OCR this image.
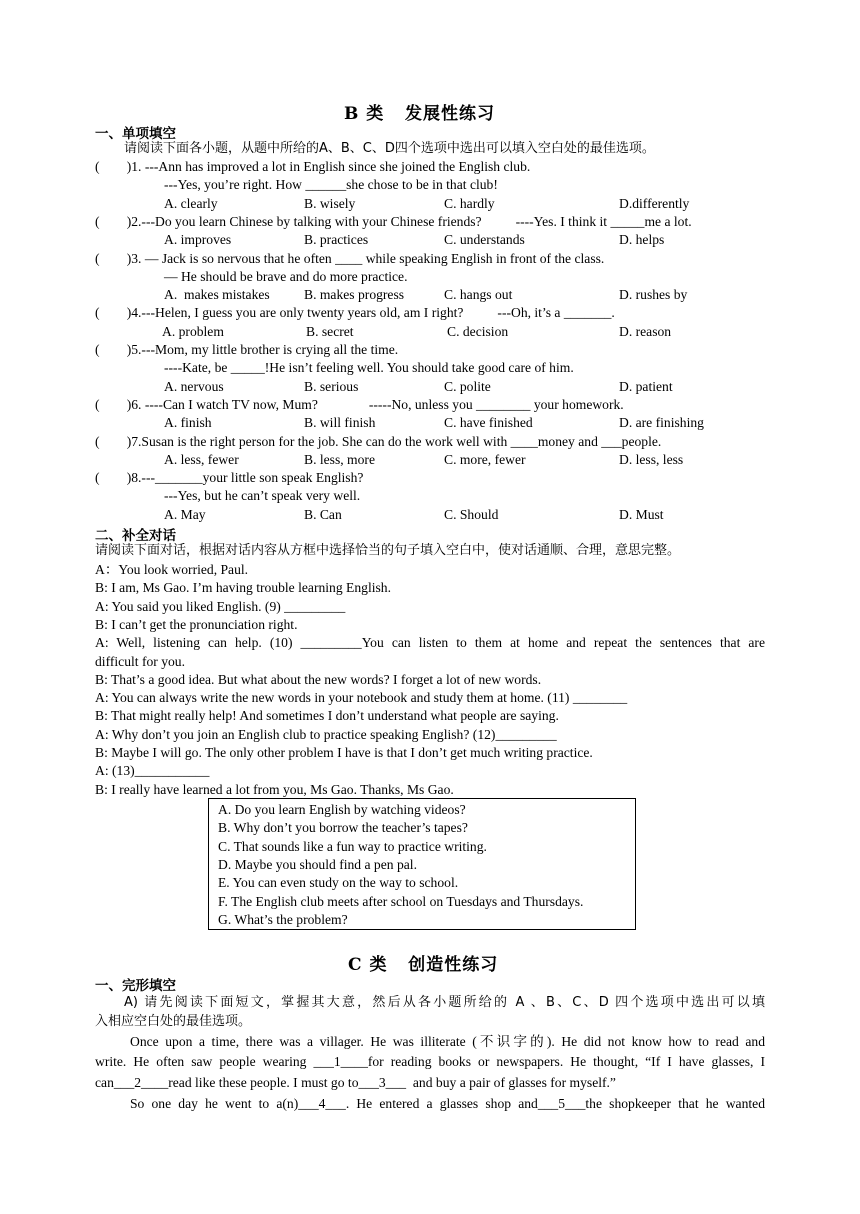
B 类   发展性练习
一、单项填空
请阅读下面各小题，从题中所给的A、B、C、D四个选项中选出可以填入空白处的最佳选项。
(        )1. ---Ann has improved a lot in English since she joined the English club.
---Yes, you’re right. How ______she chose to be in that club!
A. clearly	B. wisely	C. hardly	D.differently
(        )2.---Do you learn Chinese by talking with your Chinese friends?          ----Yes. I think it _____me a lot.
A. improves	B. practices	C. understands	D. helps
(        )3. — Jack is so nervous that he often ____ while speaking English in front of the class.
— He should be brave and do more practice.
A.  makes mistakes	B. makes progress	C. hangs out	D. rushes by
(        )4.---Helen, I guess you are only twenty years old, am I right?          ---Oh, it’s a _______.
A. problem	B. secret	C. decision	D. reason
(        )5.---Mom, my little brother is crying all the time.
----Kate, be _____!He isn’t feeling well. You should take good care of him.
A. nervous	B. serious	C. polite	D. patient
(        )6. ----Can I watch TV now, Mum?               -----No, unless you ________ your homework.
A. finish	B. will finish	C. have finished	D. are finishing
(        )7.Susan is the right person for the job. She can do the work well with ____money and ___people.
A. less, fewer	B. less, more	C. more, fewer	D. less, less
(        )8.---_______your little son speak English?
---Yes, but he can’t speak very well.
A. May	B. Can	C. Should	D. Must
二、补全对话
请阅读下面对话，根据对话内容从方框中选择恰当的句子填入空白中，使对话通顺、合理，意思完整。
A：You look worried, Paul.
B: I am, Ms Gao. I’m having trouble learning English.
A: You said you liked English. (9) _________
B: I can’t get the pronunciation right.
A: Well, listening can help. (10) _________You can listen to them at home and repeat the sentences that are
difficult for you.
B: That’s a good idea. But what about the new words? I forget a lot of new words.
A: You can always write the new words in your notebook and study them at home. (11) ________
B: That might really help! And sometimes I don’t understand what people are saying.
A: Why don’t you join an English club to practice speaking English? (12)_________
B: Maybe I will go. The only other problem I have is that I don’t get much writing practice.
A: (13)___________
B: I really have learned a lot from you, Ms Gao. Thanks, Ms Gao.
A. Do you learn English by watching videos?
B. Why don’t you borrow the teacher’s tapes?
C. That sounds like a fun way to practice writing.
D. Maybe you should find a pen pal.
E. You can even study on the way to school.
F. The English club meets after school on Tuesdays and Thursdays.
G. What’s the problem?
C 类   创造性练习
一、完形填空
A) 请先阅读下面短文，掌握其大意，然后从各小题所给的 A 、B、C、D 四个选项中选出可以填
入相应空白处的最佳选项。
Once upon a time, there was a villager. He was illiterate (不识字的). He did not know how to read and
write. He often saw people wearing ___1____for reading books or newspapers. He thought, “If I have glasses, I
can___2____read like these people. I must go to___3___  and buy a pair of glasses for myself.”
So one day he went to a(n)___4___. He entered a glasses shop and___5___the shopkeeper that he wanted
